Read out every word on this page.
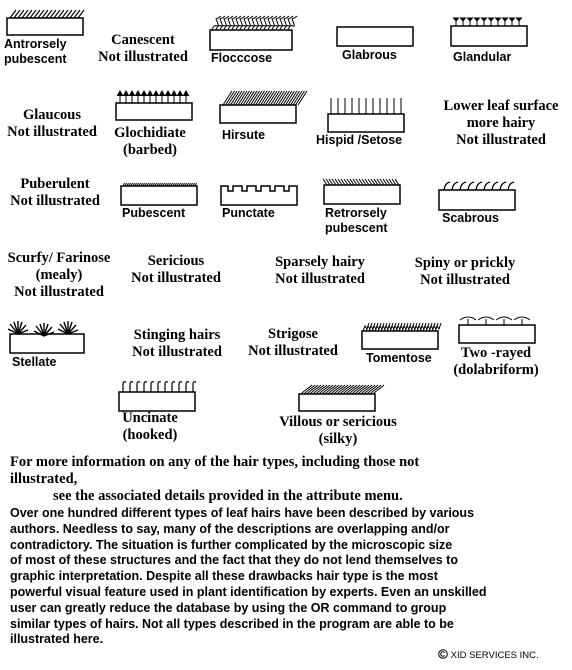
Antrorsely
pubescent
Canescent
Not illustrated	Flocccose	Glabrous	Glandular
Glaucous
Not illustrated	Glochidiate
(barbed)
Hirsute	Hispid /Setose
Lower leaf surface
more hairy
Not illustrated
Puberulent
Not illustrated
Pubescent	Punctate	Retrorsely
pubescent
Scabrous
Scurfy/ Farinose
(mealy)
Not illustrated
Sericious
Not illustrated
Sparsely hairy
Not illustrated
Spiny or prickly
Not illustrated
Stellate
Stinging hairs
Not illustrated
Strigose
Not illustrated	Tomentose	Two -rayed
(dolabriform)
Uncinate
(hooked)
Villous or sericious
(silky)
For more information on any of the hair types, including those not illustrated,
see the associated details provided in the attribute menu.
Over one hundred different types of leaf hairs have been described by various
authors. Needless to say, many of the descriptions are overlapping and/or
contradictory. The situation is further complicated by the microscopic size
of most of these structures and the fact that they do not lend themselves to
graphic interpretation. Despite all these drawbacks hair type is the most
powerful visual feature used in plant identification by experts. Even an unskilled
user can greatly reduce the database by using the OR command to group
similar types of hairs. Not all types described in the program are able to be
illustrated here.
XID SERVICES INC.
